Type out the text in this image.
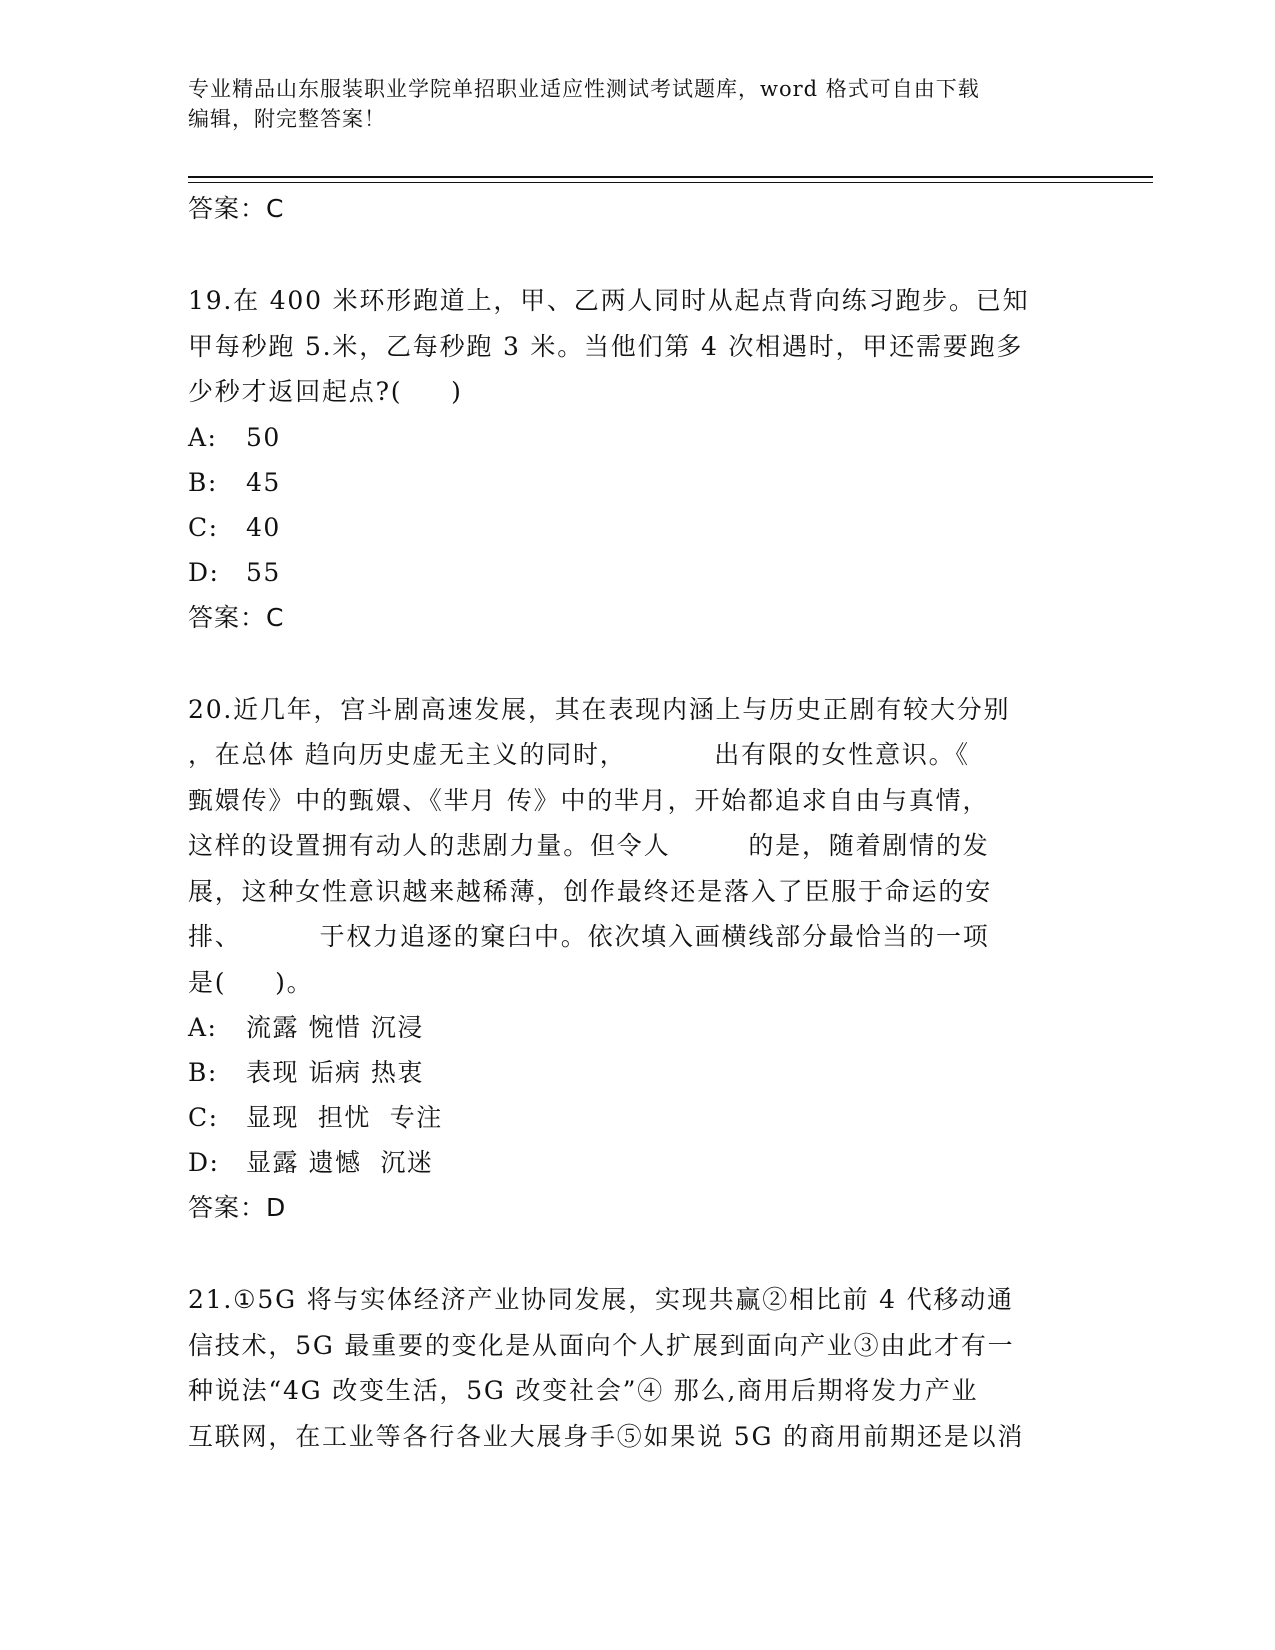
专业精品山东服装职业学院单招职业适应性测试考试题库，word 格式可自由下载
编辑，附完整答案！
答案：C
19.在 400 米环形跑道上，甲、乙两人同时从起点背向练习跑步。已知
甲每秒跑 5.米，乙每秒跑 3 米。当他们第 4 次相遇时，甲还需要跑多
少秒才返回起点?(     )
A: 50
B: 45
C: 40
D: 55
答案：C
20.近几年，宫斗剧高速发展，其在表现内涵上与历史正剧有较大分别
，在总体 趋向历史虚无主义的同时，         出有限的女性意识。《
甄嬛传》中的甄嬛、《芈月 传》中的芈月，开始都追求自由与真情，
这样的设置拥有动人的悲剧力量。但令人        的是，随着剧情的发
展，这种女性意识越来越稀薄，创作最终还是落入了臣服于命运的安
排、        于权力追逐的窠臼中。依次填入画横线部分最恰当的一项
是(     )。
A: 流露 惋惜 沉浸
B: 表现 诟病 热衷
C: 显现  担忧  专注
D: 显露 遗憾  沉迷
答案：D
21.①5G 将与实体经济产业协同发展，实现共赢②相比前 4 代移动通
信技术，5G 最重要的变化是从面向个人扩展到面向产业③由此才有一
种说法“4G 改变生活，5G 改变社会”④ 那么,商用后期将发力产业
互联网，在工业等各行各业大展身手⑤如果说 5G 的商用前期还是以消
